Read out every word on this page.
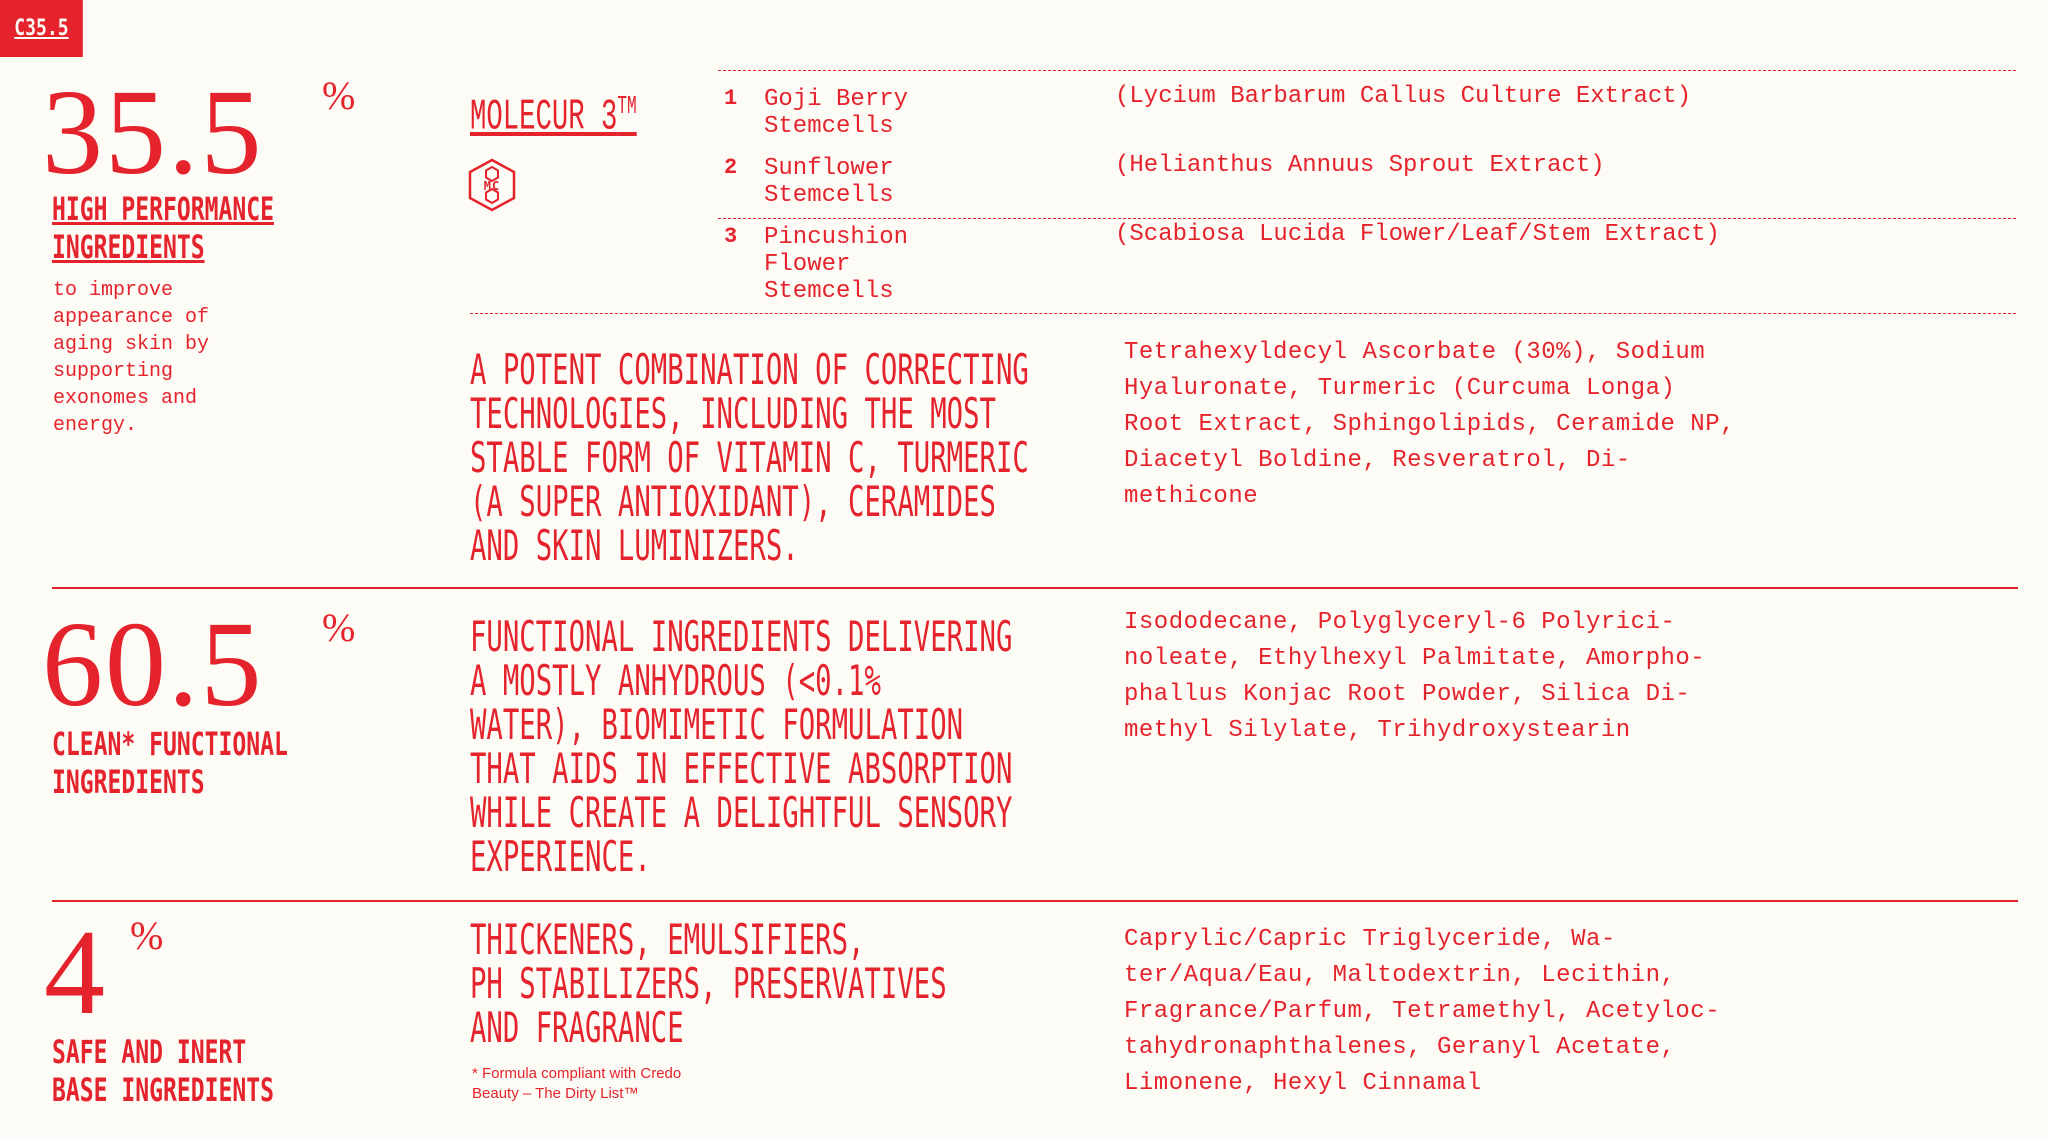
C35.5
35.5 %
HIGH PERFORMANCE
INGREDIENTS
to improve
appearance of
aging skin by
supporting
exonomes and
energy.
MOLECUR 3™
MC
1 Goji Berry
Stemcells
(Lycium Barbarum Callus Culture Extract)
2 Sunflower
Stemcells
(Helianthus Annuus Sprout Extract)
3 Pincushion
Flower
Stemcells
(Scabiosa Lucida Flower/Leaf/Stem Extract)
A POTENT COMBINATION OF CORRECTING
TECHNOLOGIES, INCLUDING THE MOST
STABLE FORM OF VITAMIN C, TURMERIC
(A SUPER ANTIOXIDANT), CERAMIDES
AND SKIN LUMINIZERS.
Tetrahexyldecyl Ascorbate (30%), Sodium
Hyaluronate, Turmeric (Curcuma Longa)
Root Extract, Sphingolipids, Ceramide NP,
Diacetyl Boldine, Resveratrol, Di-
methicone
60.5 %
CLEAN* FUNCTIONAL
INGREDIENTS
FUNCTIONAL INGREDIENTS DELIVERING
A MOSTLY ANHYDROUS (<0.1%
WATER), BIOMIMETIC FORMULATION
THAT AIDS IN EFFECTIVE ABSORPTION
WHILE CREATE A DELIGHTFUL SENSORY
EXPERIENCE.
Isododecane, Polyglyceryl-6 Polyrici-
noleate, Ethylhexyl Palmitate, Amorpho-
phallus Konjac Root Powder, Silica Di-
methyl Silylate, Trihydroxystearin
4 %
SAFE AND INERT
BASE INGREDIENTS
THICKENERS, EMULSIFIERS,
PH STABILIZERS, PRESERVATIVES
AND FRAGRANCE
* Formula compliant with Credo
Beauty – The Dirty List™
Caprylic/Capric Triglyceride, Wa-
ter/Aqua/Eau, Maltodextrin, Lecithin,
Fragrance/Parfum, Tetramethyl, Acetyloc-
tahydronaphthalenes, Geranyl Acetate,
Limonene, Hexyl Cinnamal
